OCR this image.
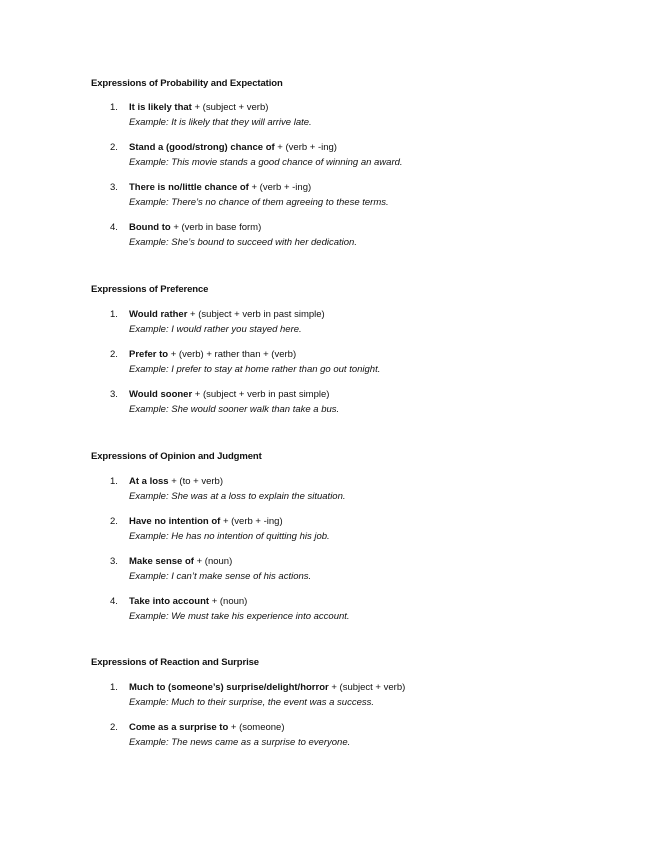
Expressions of Probability and Expectation

1. It is likely that + (subject + verb)
Example: It is likely that they will arrive late.
2. Stand a (good/strong) chance of + (verb + -ing)
Example: This movie stands a good chance of winning an award.
3. There is no/little chance of + (verb + -ing)
Example: There’s no chance of them agreeing to these terms.
4. Bound to + (verb in base form)
Example: She’s bound to succeed with her dedication.

Expressions of Preference

1. Would rather + (subject + verb in past simple)
Example: I would rather you stayed here.
2. Prefer to + (verb) + rather than + (verb)
Example: I prefer to stay at home rather than go out tonight.
3. Would sooner + (subject + verb in past simple)
Example: She would sooner walk than take a bus.

Expressions of Opinion and Judgment

1. At a loss + (to + verb)
Example: She was at a loss to explain the situation.
2. Have no intention of + (verb + -ing)
Example: He has no intention of quitting his job.
3. Make sense of + (noun)
Example: I can’t make sense of his actions.
4. Take into account + (noun)
Example: We must take his experience into account.

Expressions of Reaction and Surprise

1. Much to (someone’s) surprise/delight/horror + (subject + verb)
Example: Much to their surprise, the event was a success.
2. Come as a surprise to + (someone)
Example: The news came as a surprise to everyone.
